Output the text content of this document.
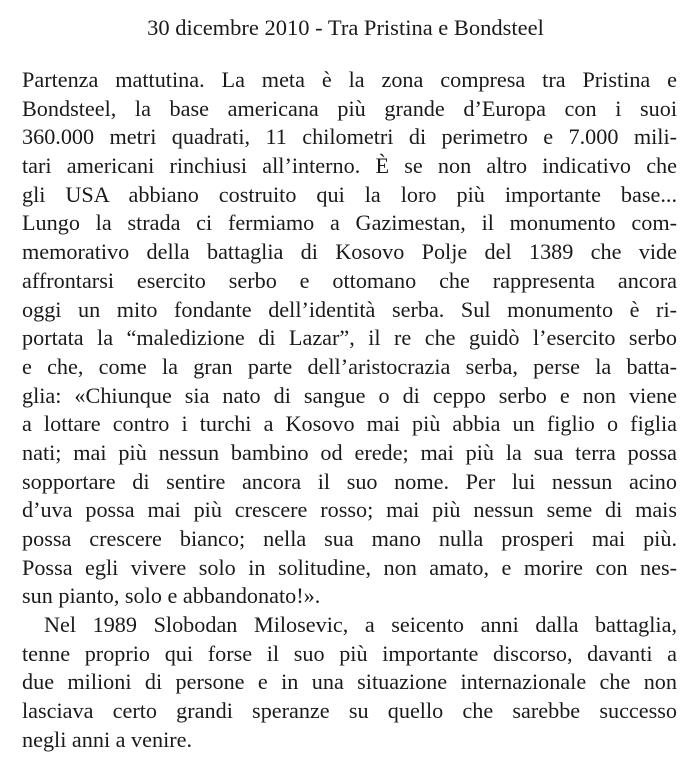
30 dicembre 2010 - Tra Pristina e Bondsteel
Partenza mattutina. La meta è la zona compresa tra Pristina e
Bondsteel, la base americana più grande d’Europa con i suoi
360.000 metri quadrati, 11 chilometri di perimetro e 7.000 mili-
tari americani rinchiusi all’interno. È se non altro indicativo che
gli USA abbiano costruito qui la loro più importante base...
Lungo la strada ci fermiamo a Gazimestan, il monumento com-
memorativo della battaglia di Kosovo Polje del 1389 che vide
affrontarsi esercito serbo e ottomano che rappresenta ancora
oggi un mito fondante dell’identità serba. Sul monumento è ri-
portata la “maledizione di Lazar”, il re che guidò l’esercito serbo
e che, come la gran parte dell’aristocrazia serba, perse la batta-
glia: «Chiunque sia nato di sangue o di ceppo serbo e non viene
a lottare contro i turchi a Kosovo mai più abbia un figlio o figlia
nati; mai più nessun bambino od erede; mai più la sua terra possa
sopportare di sentire ancora il suo nome. Per lui nessun acino
d’uva possa mai più crescere rosso; mai più nessun seme di mais
possa crescere bianco; nella sua mano nulla prosperi mai più.
Possa egli vivere solo in solitudine, non amato, e morire con nes-
sun pianto, solo e abbandonato!».
Nel 1989 Slobodan Milosevic, a seicento anni dalla battaglia,
tenne proprio qui forse il suo più importante discorso, davanti a
due milioni di persone e in una situazione internazionale che non
lasciava certo grandi speranze su quello che sarebbe successo
negli anni a venire.
